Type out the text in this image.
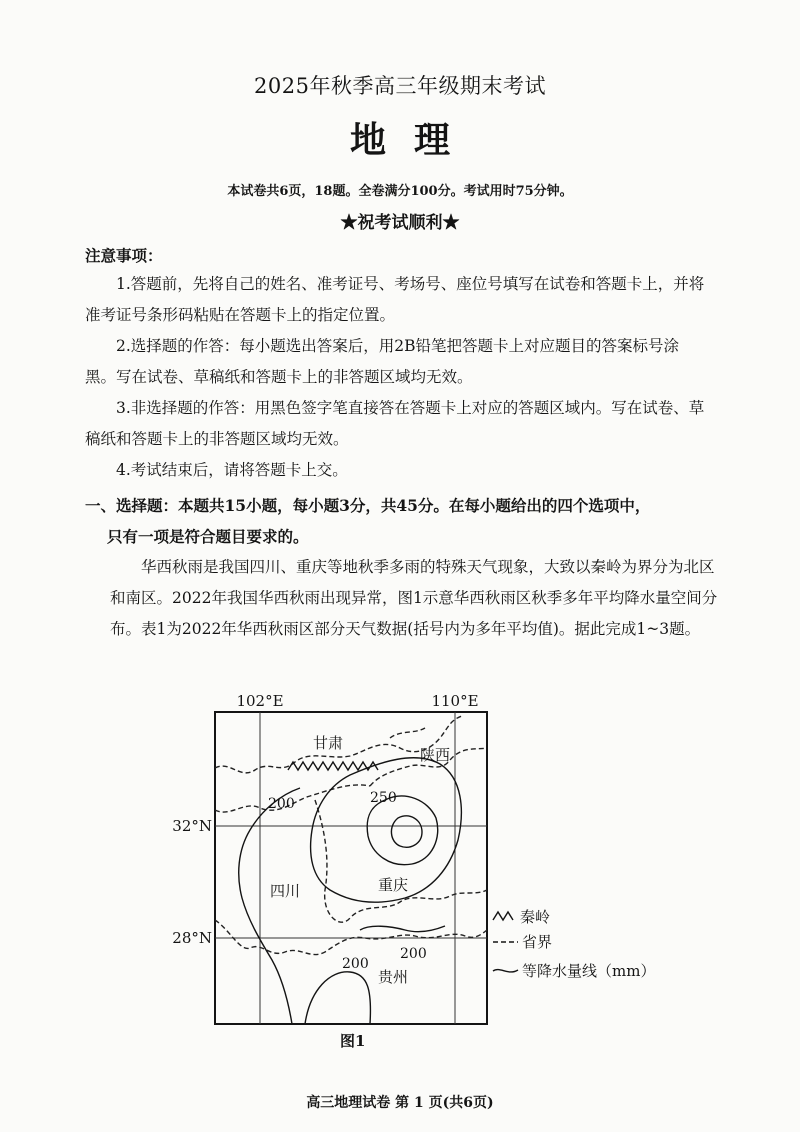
2025年秋季高三年级期末考试
地理
本试卷共6页，18题。全卷满分100分。考试用时75分钟。
★祝考试顺利★
注意事项：
1.答题前，先将自己的姓名、准考证号、考场号、座位号填写在试卷和答题卡上，并将准考证号条形码粘贴在答题卡上的指定位置。
2.选择题的作答：每小题选出答案后，用2B铅笔把答题卡上对应题目的答案标号涂黑。写在试卷、草稿纸和答题卡上的非答题区域均无效。
3.非选择题的作答：用黑色签字笔直接答在答题卡上对应的答题区域内。写在试卷、草稿纸和答题卡上的非答题区域均无效。
4.考试结束后，请将答题卡上交。
一、选择题：本题共15小题，每小题3分，共45分。在每小题给出的四个选项中，
只有一项是符合题目要求的。
华西秋雨是我国四川、重庆等地秋季多雨的特殊天气现象，大致以秦岭为界分为北区和南区。2022年我国华西秋雨出现异常，图1示意华西秋雨区秋季多年平均降水量空间分布。表1为2022年华西秋雨区部分天气数据(括号内为多年平均值)。据此完成1~3题。
102°E	110°E
32°N
28°N
甘肃
陕西
四川	重庆
贵州
200	250
200
200
秦岭
省界
等降水量线（mm）
图1
高三地理试卷 第 1 页(共6页)
